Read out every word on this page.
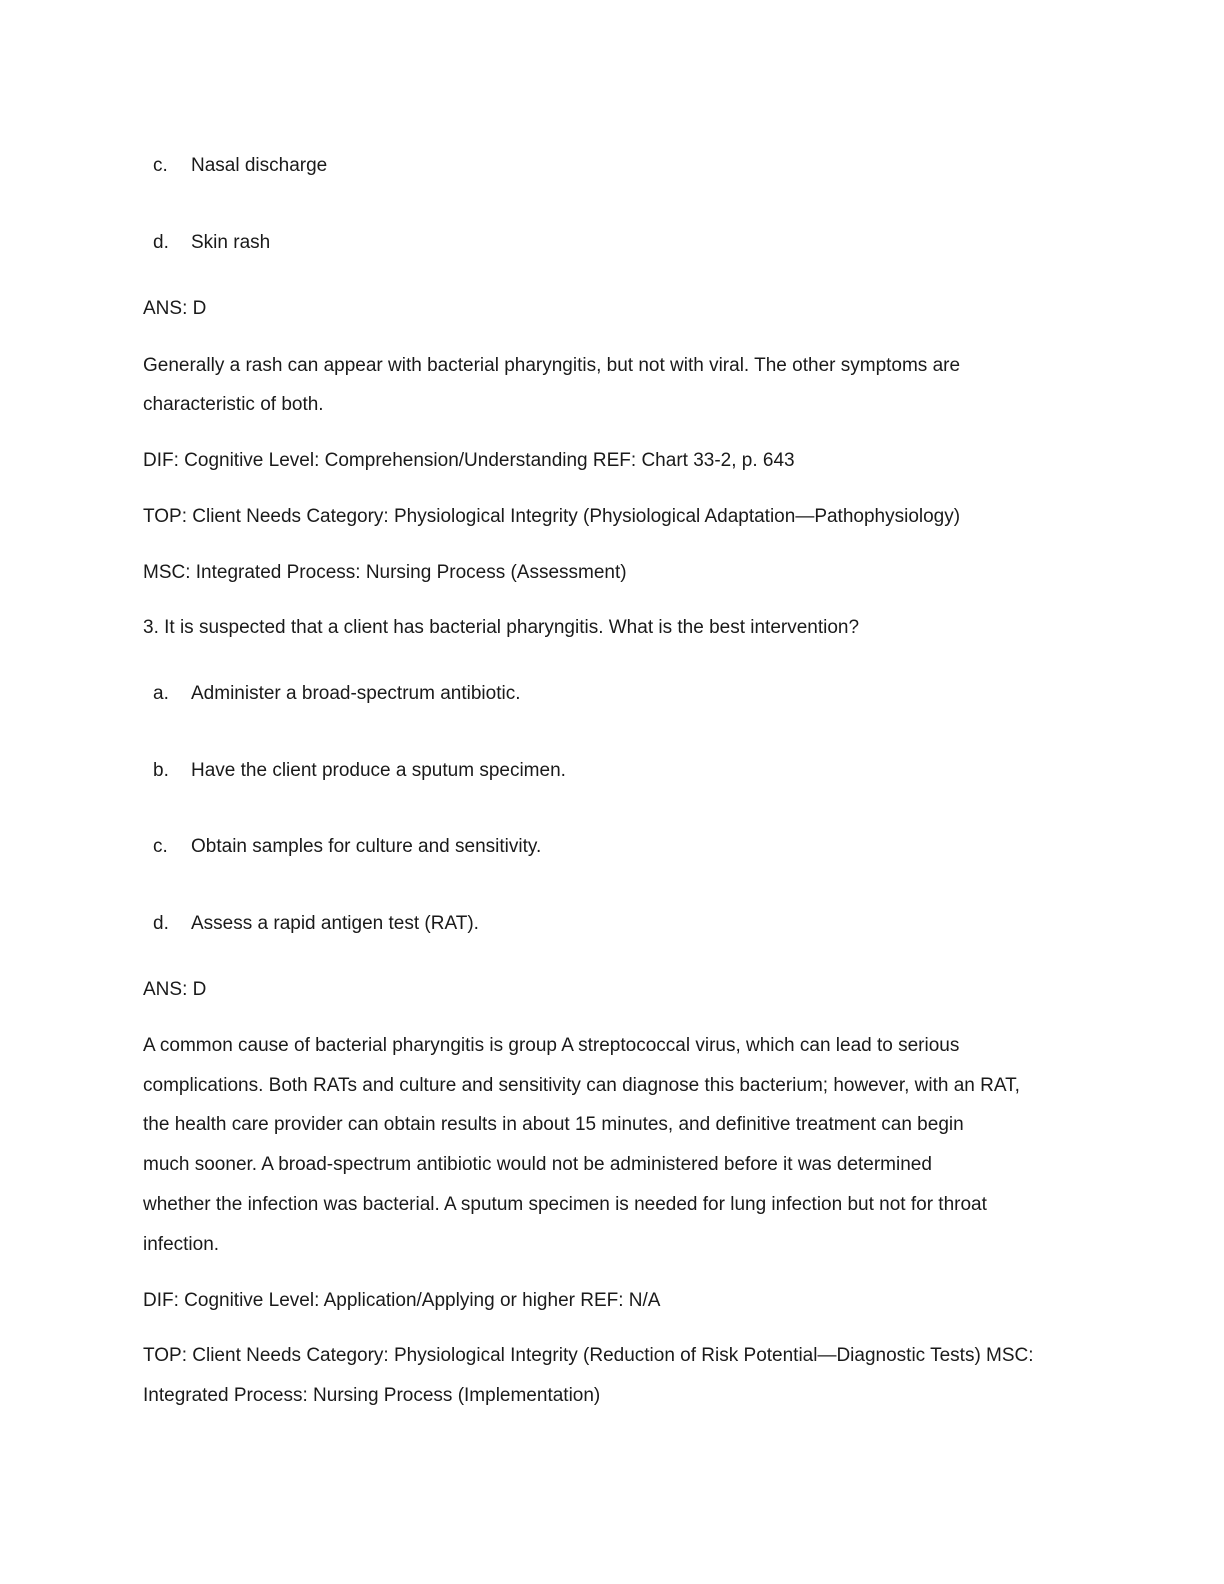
c. Nasal discharge
d. Skin rash
ANS: D
Generally a rash can appear with bacterial pharyngitis, but not with viral. The other symptoms are
characteristic of both.
DIF: Cognitive Level: Comprehension/Understanding REF: Chart 33-2, p. 643
TOP: Client Needs Category: Physiological Integrity (Physiological Adaptation—Pathophysiology)
MSC: Integrated Process: Nursing Process (Assessment)
3. It is suspected that a client has bacterial pharyngitis. What is the best intervention?
a. Administer a broad-spectrum antibiotic.
b. Have the client produce a sputum specimen.
c. Obtain samples for culture and sensitivity.
d. Assess a rapid antigen test (RAT).
ANS: D
A common cause of bacterial pharyngitis is group A streptococcal virus, which can lead to serious
complications. Both RATs and culture and sensitivity can diagnose this bacterium; however, with an RAT,
the health care provider can obtain results in about 15 minutes, and definitive treatment can begin
much sooner. A broad-spectrum antibiotic would not be administered before it was determined
whether the infection was bacterial. A sputum specimen is needed for lung infection but not for throat
infection.
DIF: Cognitive Level: Application/Applying or higher REF: N/A
TOP: Client Needs Category: Physiological Integrity (Reduction of Risk Potential—Diagnostic Tests) MSC:
Integrated Process: Nursing Process (Implementation)
